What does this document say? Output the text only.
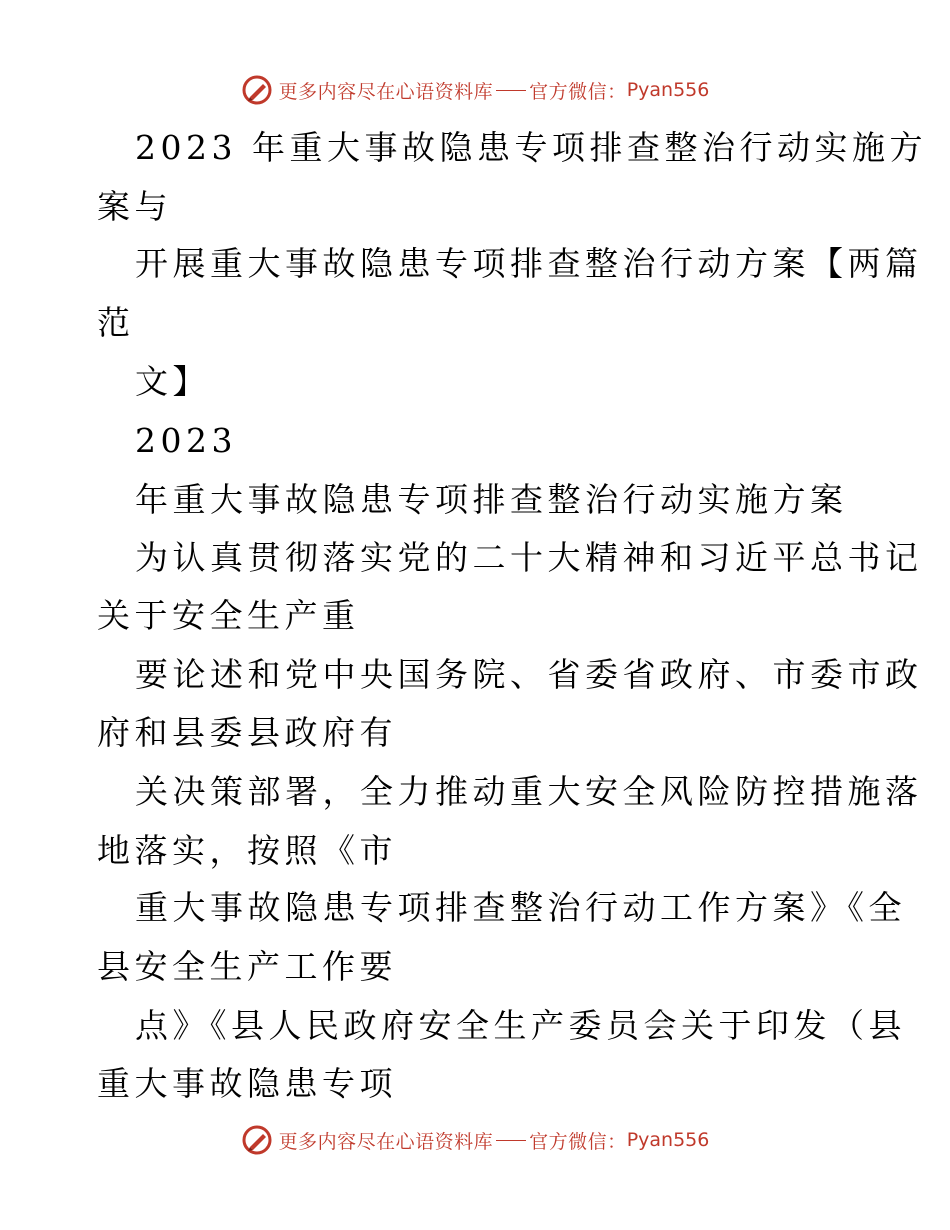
更多内容尽在心语资料库 官方微信： Pyan556
2023 年重大事故隐患专项排查整治行动实施方
案与
开展重大事故隐患专项排查整治行动方案【两篇
范
文】
2023
年重大事故隐患专项排查整治行动实施方案
为认真贯彻落实党的二十大精神和习近平总书记
关于安全生产重
要论述和党中央国务院、省委省政府、市委市政
府和县委县政府有
关决策部署，全力推动重大安全风险防控措施落
地落实，按照《市
重大事故隐患专项排查整治行动工作方案》《全
县安全生产工作要
点》《县人民政府安全生产委员会关于印发（县
重大事故隐患专项
更多内容尽在心语资料库 官方微信： Pyan556
